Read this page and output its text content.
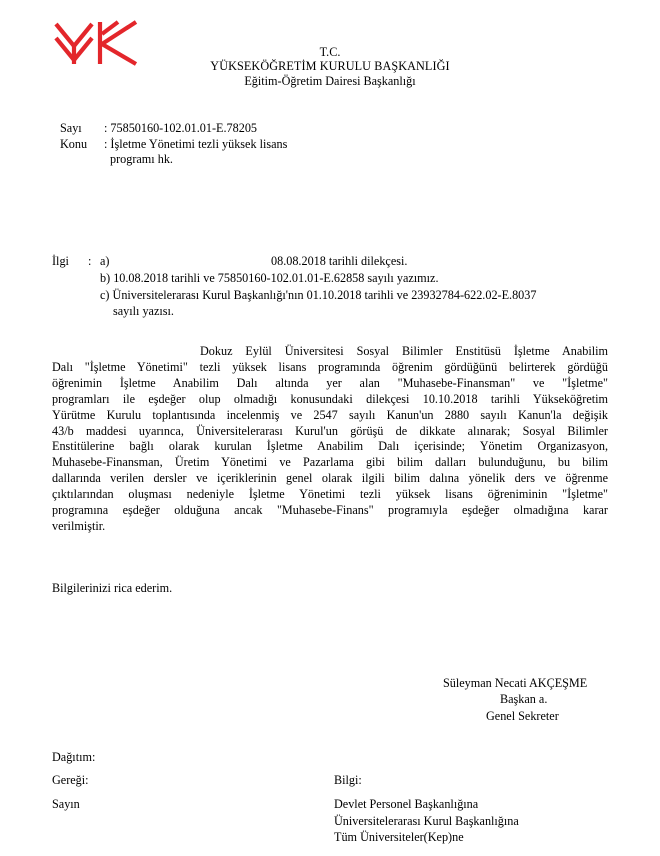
T.C.
YÜKSEKÖĞRETİM KURULU BAŞKANLIĞI
Eğitim-Öğretim Dairesi Başkanlığı
Sayı : 75850160-102.01.01-E.78205
Konu : İşletme Yönetimi tezli yüksek lisans
programı hk.
İlgi : a)	08.08.2018 tarihli dilekçesi.
b) 10.08.2018 tarihli ve 75850160-102.01.01-E.62858 sayılı yazımız.
c) Üniversitelerarası Kurul Başkanlığı'nın 01.10.2018 tarihli ve 23932784-622.02-E.8037
sayılı yazısı.
Dokuz Eylül Üniversitesi Sosyal Bilimler Enstitüsü İşletme Anabilim
Dalı "İşletme Yönetimi" tezli yüksek lisans programında öğrenim gördüğünü belirterek gördüğü
öğrenimin İşletme Anabilim Dalı altında yer alan "Muhasebe-Finansman" ve "İşletme"
programları ile eşdeğer olup olmadığı konusundaki dilekçesi 10.10.2018 tarihli Yükseköğretim
Yürütme Kurulu toplantısında incelenmiş ve 2547 sayılı Kanun'un 2880 sayılı Kanun'la değişik
43/b maddesi uyarınca, Üniversitelerarası Kurul'un görüşü de dikkate alınarak; Sosyal Bilimler
Enstitülerine bağlı olarak kurulan İşletme Anabilim Dalı içerisinde; Yönetim Organizasyon,
Muhasebe-Finansman, Üretim Yönetimi ve Pazarlama gibi bilim dalları bulunduğunu, bu bilim
dallarında verilen dersler ve içeriklerinin genel olarak ilgili bilim dalına yönelik ders ve öğrenme
çıktılarından oluşması nedeniyle İşletme Yönetimi tezli yüksek lisans öğreniminin "İşletme"
programına eşdeğer olduğuna ancak "Muhasebe-Finans" programıyla eşdeğer olmadığına karar
verilmiştir.
Bilgilerinizi rica ederim.
Süleyman Necati AKÇEŞME
Başkan a.
Genel Sekreter
Dağıtım:
Gereği:
Sayın
Bilgi:
Devlet Personel Başkanlığına
Üniversitelerarası Kurul Başkanlığına
Tüm Üniversiteler(Kep)ne
